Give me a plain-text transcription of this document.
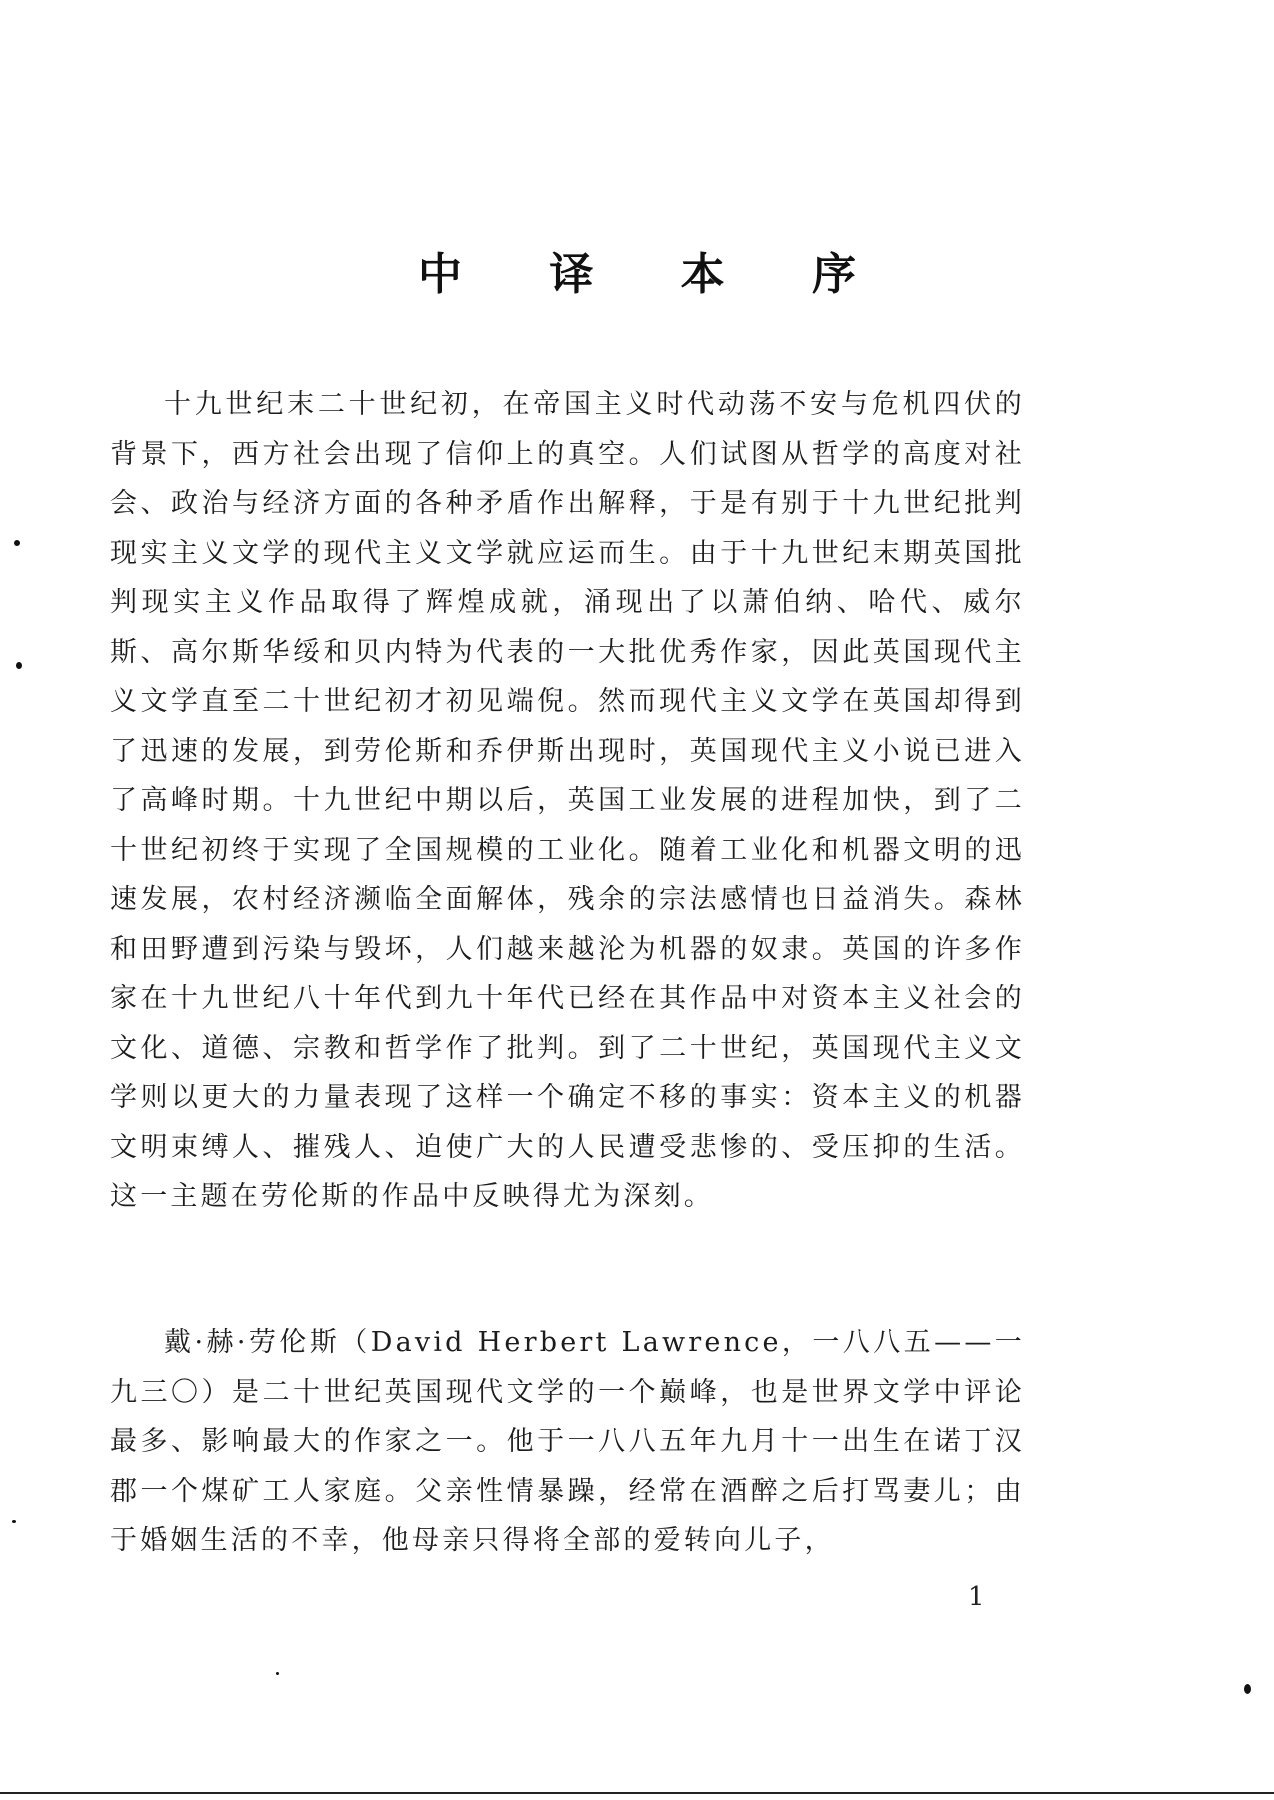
中 译 本 序

十九世纪末二十世纪初，在帝国主义时代动荡不安与危机四伏的背景下，西方社会出现了信仰上的真空。人们试图从哲学的高度对社会、政治与经济方面的各种矛盾作出解释，于是有别于十九世纪批判现实主义文学的现代主义文学就应运而生。由于十九世纪末期英国批判现实主义作品取得了辉煌成就，涌现出了以萧伯纳、哈代、威尔斯、高尔斯华绥和贝内特为代表的一大批优秀作家，因此英国现代主义文学直至二十世纪初才初见端倪。然而现代主义文学在英国却得到了迅速的发展，到劳伦斯和乔伊斯出现时，英国现代主义小说已进入了高峰时期。十九世纪中期以后，英国工业发展的进程加快，到了二十世纪初终于实现了全国规模的工业化。随着工业化和机器文明的迅速发展，农村经济濒临全面解体，残余的宗法感情也日益消失。森林和田野遭到污染与毁坏，人们越来越沦为机器的奴隶。英国的许多作家在十九世纪八十年代到九十年代已经在其作品中对资本主义社会的文化、道德、宗教和哲学作了批判。到了二十世纪，英国现代主义文学则以更大的力量表现了这样一个确定不移的事实：资本主义的机器文明束缚人、摧残人、迫使广大的人民遭受悲惨的、受压抑的生活。这一主题在劳伦斯的作品中反映得尤为深刻。

戴·赫·劳伦斯（David Herbert Lawrence，一八八五——一九三〇）是二十世纪英国现代文学的一个巅峰，也是世界文学中评论最多、影响最大的作家之一。他于一八八五年九月十一出生在诺丁汉郡一个煤矿工人家庭。父亲性情暴躁，经常在酒醉之后打骂妻儿；由于婚姻生活的不幸，他母亲只得将全部的爱转向儿子，

1
